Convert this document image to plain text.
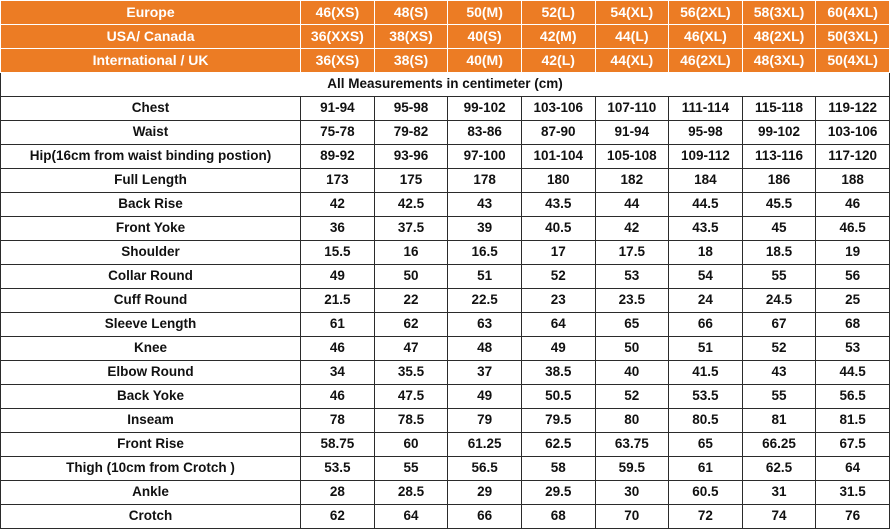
Europe	46(XS)	48(S)	50(M)	52(L)	54(XL)	56(2XL)	58(3XL)	60(4XL)
USA/ Canada	36(XXS)	38(XS)	40(S)	42(M)	44(L)	46(XL)	48(2XL)	50(3XL)
International / UK	36(XS)	38(S)	40(M)	42(L)	44(XL)	46(2XL)	48(3XL)	50(4XL)
All Measurements in centimeter (cm)								
Chest	91-94	95-98	99-102	103-106	107-110	111-114	115-118	119-122
Waist	75-78	79-82	83-86	87-90	91-94	95-98	99-102	103-106
Hip(16cm from waist binding postion)	89-92	93-96	97-100	101-104	105-108	109-112	113-116	117-120
Full Length	173	175	178	180	182	184	186	188
Back Rise	42	42.5	43	43.5	44	44.5	45.5	46
Front Yoke	36	37.5	39	40.5	42	43.5	45	46.5
Shoulder	15.5	16	16.5	17	17.5	18	18.5	19
Collar Round	49	50	51	52	53	54	55	56
Cuff Round	21.5	22	22.5	23	23.5	24	24.5	25
Sleeve Length	61	62	63	64	65	66	67	68
Knee	46	47	48	49	50	51	52	53
Elbow Round	34	35.5	37	38.5	40	41.5	43	44.5
Back Yoke	46	47.5	49	50.5	52	53.5	55	56.5
Inseam	78	78.5	79	79.5	80	80.5	81	81.5
Front Rise	58.75	60	61.25	62.5	63.75	65	66.25	67.5
Thigh (10cm from Crotch )	53.5	55	56.5	58	59.5	61	62.5	64
Ankle	28	28.5	29	29.5	30	60.5	31	31.5
Crotch	62	64	66	68	70	72	74	76
